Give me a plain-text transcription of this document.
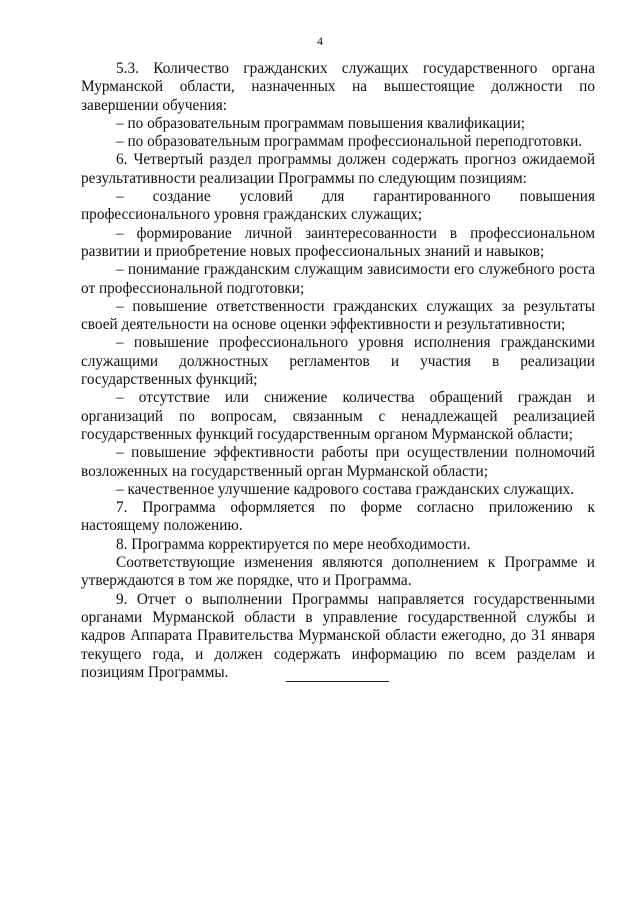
4

5.3. Количество гражданских служащих государственного органа Мурманской области, назначенных на вышестоящие должности по завершении обучения:

– по образовательным программам повышения квалификации;

– по образовательным программам профессиональной переподготовки.

6. Четвертый раздел программы должен содержать прогноз ожидаемой результативности реализации Программы по следующим позициям:

– создание условий для гарантированного повышения профессионального уровня гражданских служащих;

– формирование личной заинтересованности в профессиональном развитии и приобретение новых профессиональных знаний и навыков;

– понимание гражданским служащим зависимости его служебного роста от профессиональной подготовки;

– повышение ответственности гражданских служащих за результаты своей деятельности на основе оценки эффективности и результативности;

– повышение профессионального уровня исполнения гражданскими служащими должностных регламентов и участия в реализации государственных функций;

– отсутствие или снижение количества обращений граждан и организаций по вопросам, связанным с ненадлежащей реализацией государственных функций государственным органом Мурманской области;

– повышение эффективности работы при осуществлении полномочий возложенных на государственный орган Мурманской области;

– качественное улучшение кадрового состава гражданских служащих.

7. Программа оформляется по форме согласно приложению к настоящему положению.

8. Программа корректируется по мере необходимости.

Соответствующие изменения являются дополнением к Программе и утверждаются в том же порядке, что и Программа.

9. Отчет о выполнении Программы направляется государственными органами Мурманской области в управление государственной службы и кадров Аппарата Правительства Мурманской области ежегодно, до 31 января текущего года, и должен содержать информацию по всем разделам и позициям Программы.
